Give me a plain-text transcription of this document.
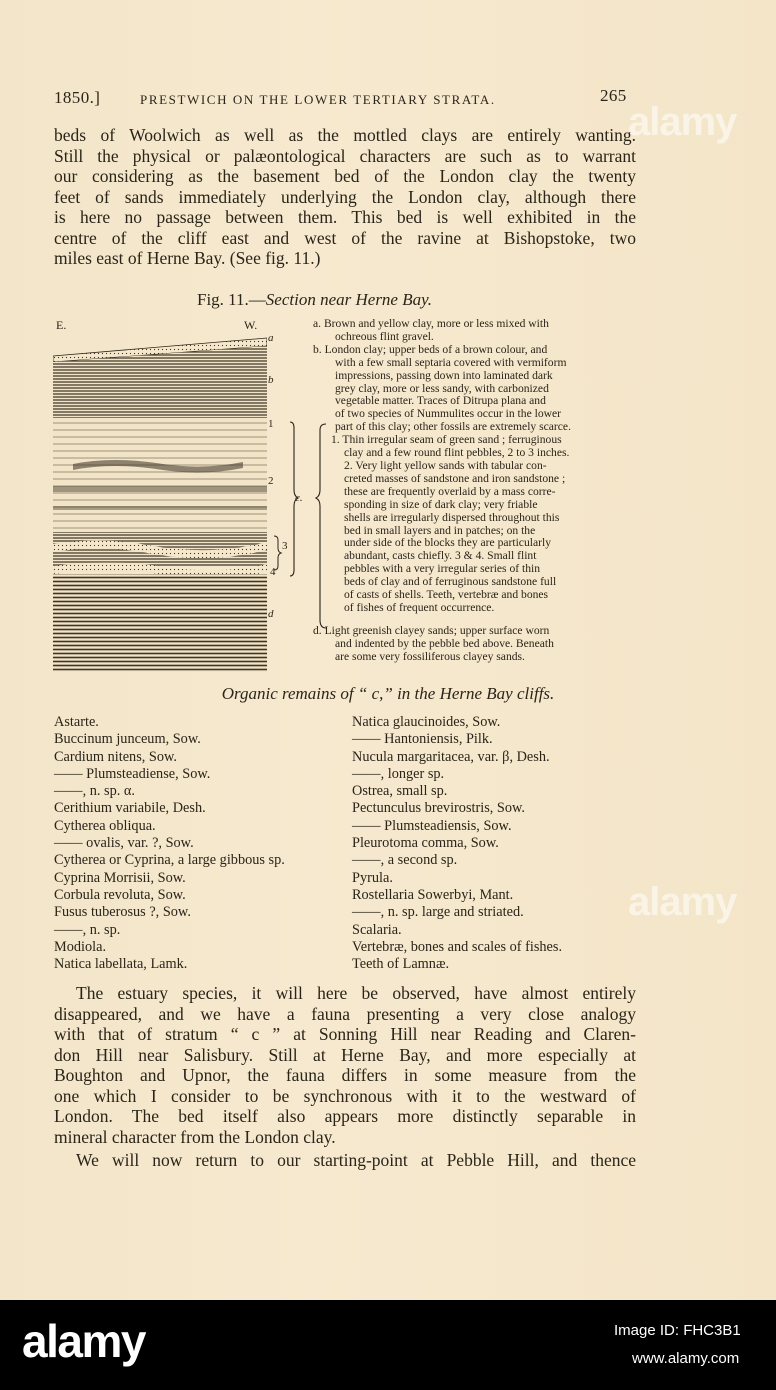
1850.]	PRESTWICH ON THE LOWER TERTIARY STRATA.	265
beds of Woolwich as well as the mottled clays are entirely wanting.
Still the physical or palæontological characters are such as to warrant
our considering as the basement bed of the London clay the twenty
feet of sands immediately underlying the London clay, although there
is here no passage between them. This bed is well exhibited in the
centre of the cliff east and west of the ravine at Bishopstoke, two
miles east of Herne Bay. (See fig. 11.)
Fig. 11.—Section near Herne Bay.
E.	W.
a
b
1
2
3
4
d
c.
a. Brown and yellow clay, more or less mixed with
ochreous flint gravel.
b. London clay; upper beds of a brown colour, and
with a few small septaria covered with vermiform
impressions, passing down into laminated dark
grey clay, more or less sandy, with carbonized
vegetable matter. Traces of Ditrupa plana and
of two species of Nummulites occur in the lower
part of this clay; other fossils are extremely scarce.
1. Thin irregular seam of green sand ; ferruginous
clay and a few round flint pebbles, 2 to 3 inches.
2. Very light yellow sands with tabular con-
creted masses of sandstone and iron sandstone ;
these are frequently overlaid by a mass corre-
sponding in size of dark clay; very friable
shells are irregularly dispersed throughout this
bed in small layers and in patches; on the
under side of the blocks they are particularly
abundant, casts chiefly. 3 & 4. Small flint
pebbles with a very irregular series of thin
beds of clay and of ferruginous sandstone full
of casts of shells. Teeth, vertebræ and bones
of fishes of frequent occurrence.
d. Light greenish clayey sands; upper surface worn
and indented by the pebble bed above. Beneath
are some very fossiliferous clayey sands.
Organic remains of “ c,” in the Herne Bay cliffs.
Astarte.
Buccinum junceum, Sow.
Cardium nitens, Sow.
—— Plumsteadiense, Sow.
——, n. sp. α.
Cerithium variabile, Desh.
Cytherea obliqua.
—— ovalis, var. ?, Sow.
Cytherea or Cyprina, a large gibbous sp.
Cyprina Morrisii, Sow.
Corbula revoluta, Sow.
Fusus tuberosus ?, Sow.
——, n. sp.
Modiola.
Natica labellata, Lamk.
Natica glaucinoides, Sow.
—— Hantoniensis, Pilk.
Nucula margaritacea, var. β, Desh.
——, longer sp.
Ostrea, small sp.
Pectunculus brevirostris, Sow.
—— Plumsteadiensis, Sow.
Pleurotoma comma, Sow.
——, a second sp.
Pyrula.
Rostellaria Sowerbyi, Mant.
——, n. sp. large and striated.
Scalaria.
Vertebræ, bones and scales of fishes.
Teeth of Lamnæ.
The estuary species, it will here be observed, have almost entirely
disappeared, and we have a fauna presenting a very close analogy
with that of stratum “ c ” at Sonning Hill near Reading and Claren-
don Hill near Salisbury. Still at Herne Bay, and more especially at
Boughton and Upnor, the fauna differs in some measure from the
one which I consider to be synchronous with it to the westward of
London. The bed itself also appears more distinctly separable in
mineral character from the London clay.
We will now return to our starting-point at Pebble Hill, and thence
alamy
alamy
alamy	Image ID: FHC3B1
www.alamy.com
